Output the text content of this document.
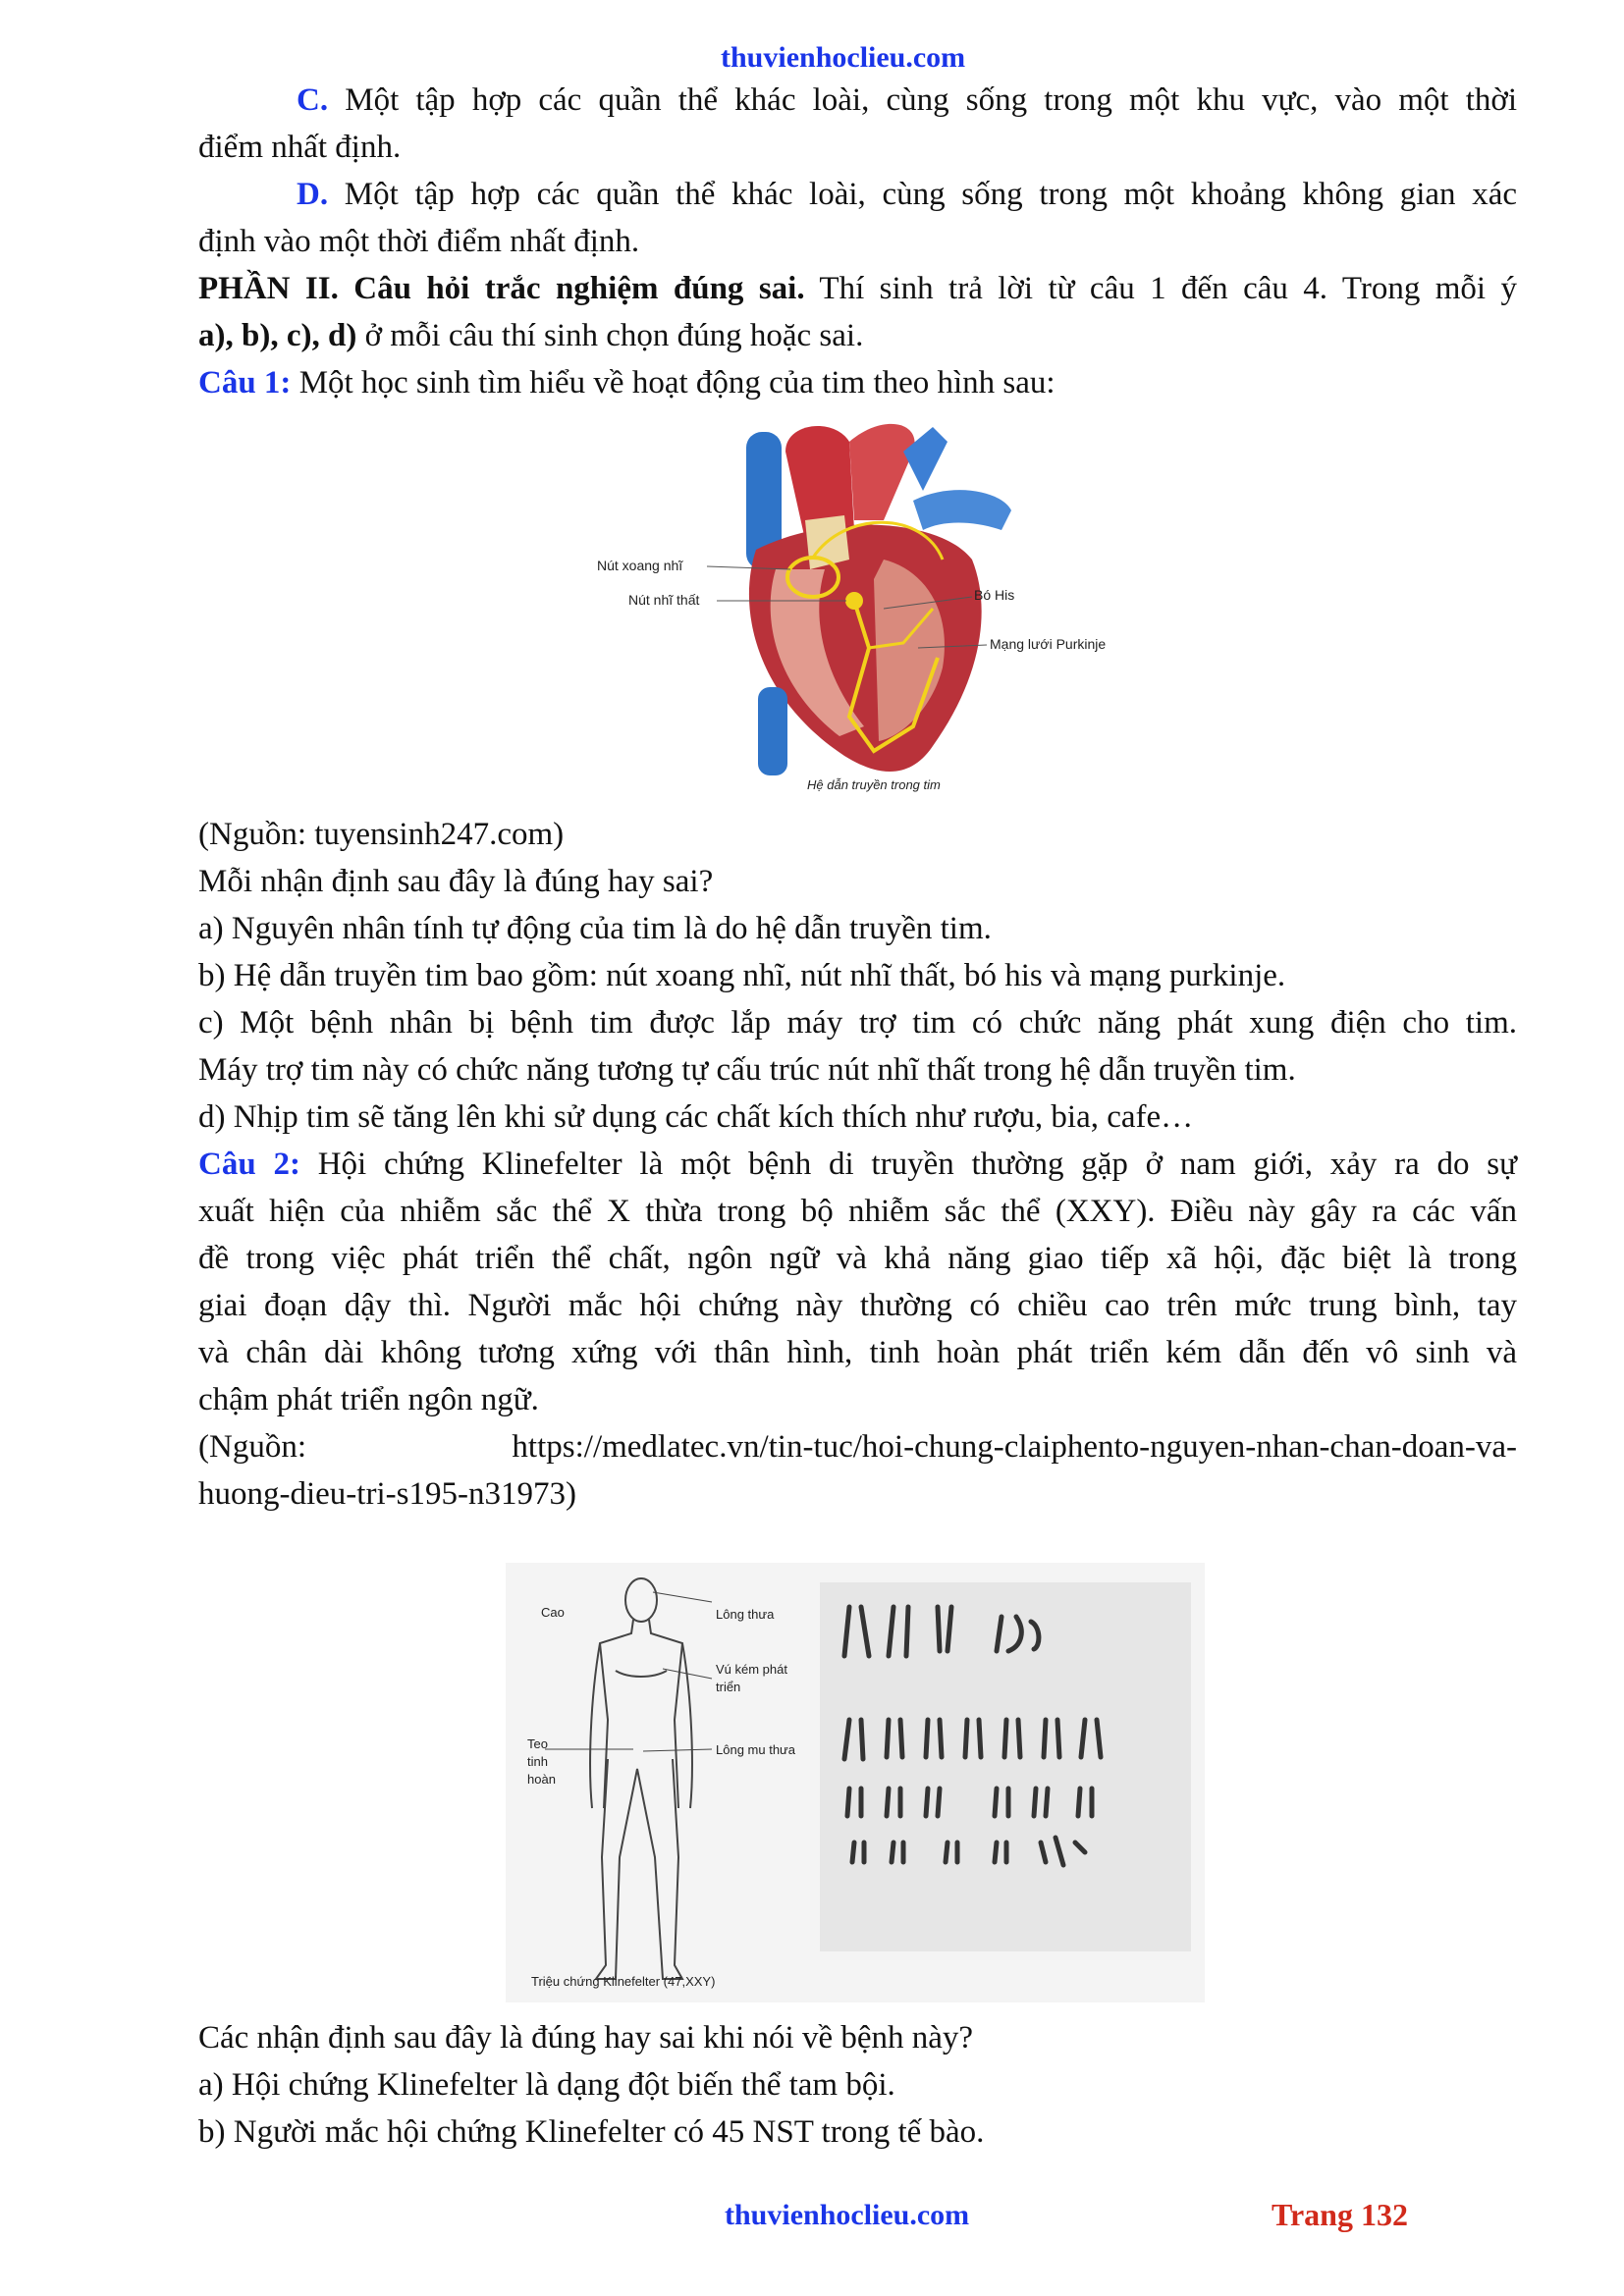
thuvienhoclieu.com
C. Một tập hợp các quần thể khác loài, cùng sống trong một khu vực, vào một thời
điểm nhất định.
D. Một tập hợp các quần thể khác loài, cùng sống trong một khoảng không gian xác
định vào một thời điểm nhất định.
PHẦN II. Câu hỏi trắc nghiệm đúng sai. Thí sinh trả lời từ câu 1 đến câu 4. Trong mỗi ý
a), b), c), d) ở mỗi câu thí sinh chọn đúng hoặc sai.
Câu 1: Một học sinh tìm hiểu về hoạt động của tim theo hình sau:
Nút xoang nhĩ
Nút nhĩ thất	Bó His
Mạng lưới Purkinje
Hệ dẫn truyền trong tim
(Nguồn: tuyensinh247.com)
Mỗi nhận định sau đây là đúng hay sai?
a) Nguyên nhân tính tự động của tim là do hệ dẫn truyền tim.
b) Hệ dẫn truyền tim bao gồm: nút xoang nhĩ, nút nhĩ thất, bó his và mạng purkinje.
c) Một bệnh nhân bị bệnh tim được lắp máy trợ tim có chức năng phát xung điện cho tim.
Máy trợ tim này có chức năng tương tự cấu trúc nút nhĩ thất trong hệ dẫn truyền tim.
d) Nhịp tim sẽ tăng lên khi sử dụng các chất kích thích như rượu, bia, cafe…
Câu 2: Hội chứng Klinefelter là một bệnh di truyền thường gặp ở nam giới, xảy ra do sự
xuất hiện của nhiễm sắc thể X thừa trong bộ nhiễm sắc thể (XXY). Điều này gây ra các vấn
đề trong việc phát triển thể chất, ngôn ngữ và khả năng giao tiếp xã hội, đặc biệt là trong
giai đoạn dậy thì. Người mắc hội chứng này thường có chiều cao trên mức trung bình, tay
và chân dài không tương xứng với thân hình, tinh hoàn phát triển kém dẫn đến vô sinh và
chậm phát triển ngôn ngữ.
(Nguồn:	https://medlatec.vn/tin-tuc/hoi-chung-claiphento-nguyen-nhan-chan-doan-va-
huong-dieu-tri-s195-n31973)
Cao	Lông thưa
Vú kém phát
triển
Teo
tinh
hoàn
Lông mu thưa
Triệu chứng Klinefelter (47,XXY)
Các nhận định sau đây là đúng hay sai khi nói về bệnh này?
a) Hội chứng Klinefelter là dạng đột biến thể tam bội.
b) Người mắc hội chứng Klinefelter có 45 NST trong tế bào.
thuvienhoclieu.com	Trang 132
